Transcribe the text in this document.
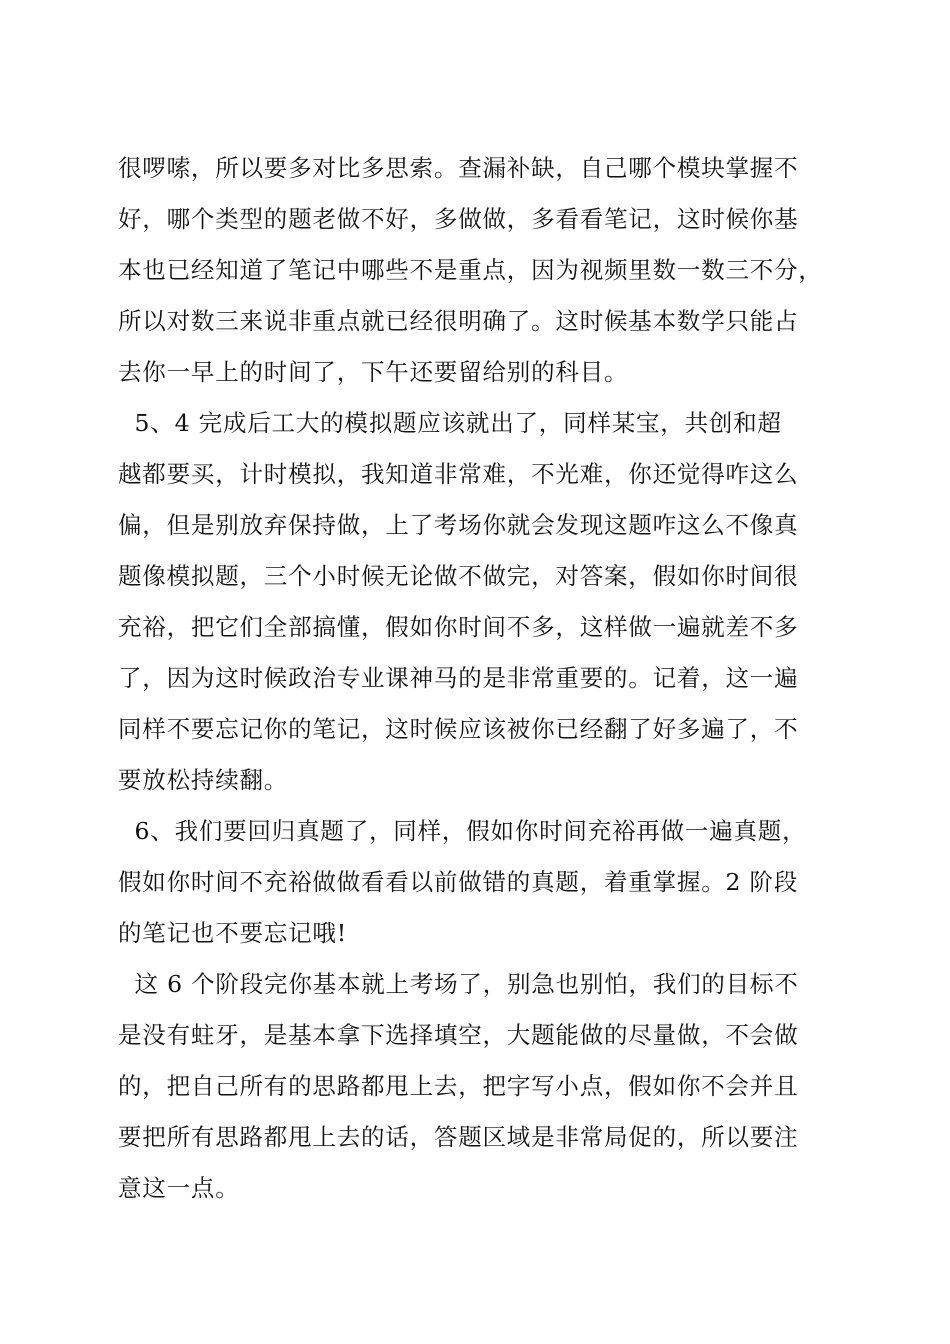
很啰嗦，所以要多对比多思索。查漏补缺，自己哪个模块掌握不
好，哪个类型的题老做不好，多做做，多看看笔记，这时候你基
本也已经知道了笔记中哪些不是重点，因为视频里数一数三不分，
所以对数三来说非重点就已经很明确了。这时候基本数学只能占
去你一早上的时间了，下午还要留给别的科目。
5、4 完成后工大的模拟题应该就出了，同样某宝，共创和超
越都要买，计时模拟，我知道非常难，不光难，你还觉得咋这么
偏，但是别放弃保持做，上了考场你就会发现这题咋这么不像真
题像模拟题，三个小时候无论做不做完，对答案，假如你时间很
充裕，把它们全部搞懂，假如你时间不多，这样做一遍就差不多
了，因为这时候政治专业课神马的是非常重要的。记着，这一遍
同样不要忘记你的笔记，这时候应该被你已经翻了好多遍了，不
要放松持续翻。
6、我们要回归真题了，同样，假如你时间充裕再做一遍真题，
假如你时间不充裕做做看看以前做错的真题，着重掌握。2 阶段
的笔记也不要忘记哦!
这 6 个阶段完你基本就上考场了，别急也别怕，我们的目标不
是没有蛀牙，是基本拿下选择填空，大题能做的尽量做，不会做
的，把自己所有的思路都甩上去，把字写小点，假如你不会并且
要把所有思路都甩上去的话，答题区域是非常局促的，所以要注
意这一点。
